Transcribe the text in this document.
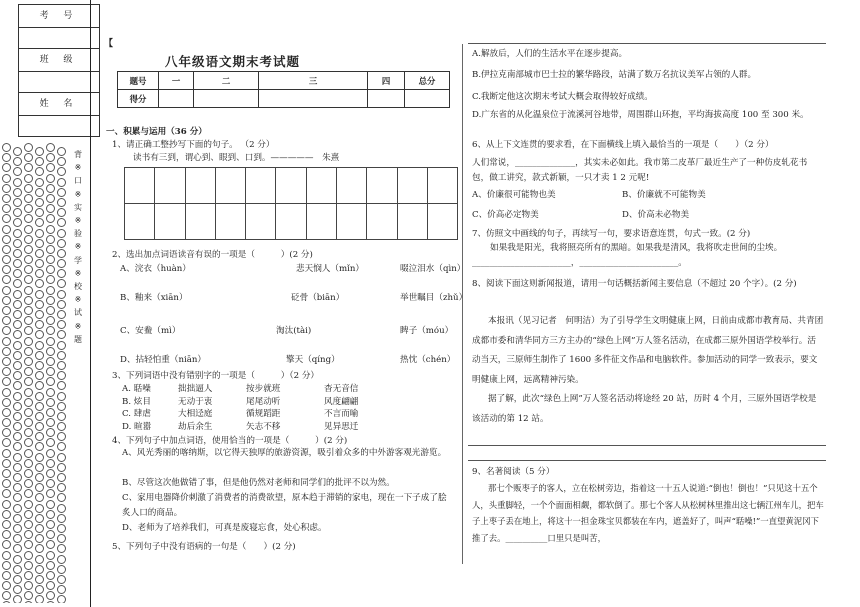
考 号
班 级
姓 名
背
※
口
※
实
※
验
※
学
※
校
※
试
※
题
【
八年级语文期末考试题
题号	一	二	三	四	总分
得分					
一、积累与运用（36 分）
1、请正确工整抄写下面的句子。 （2 分）
读书有三到，谓心到、眼到、口到。—————　朱熹

2、选出加点词语读音有误的一项是（　　　）(2 分)
A、浣衣（huàn）	悲天悯人（mǐn）	啜泣泪水（qìn）
B、釉来（xiān）	砭骨（biān）	举世瞩目（zhǔ）
C、安鲞（mì）	淘汰(tài)	睥子（móu）
D、拈轻怕重（niān）	擎天（qíng）	热忱（chén）
3、下列词语中没有错别字的一项是（　　　）（2 分）
A. 聒噪	拙拙逼人	按步就班	杳无音信
B. 炫目	无动于衷	尾尾动听	风度翩翩
C. 肆虐	大相迳庭	循规蹈距	不言而喻
D. 暄嚣	劫后余生	矢志不移	见异思迁
4、下列句子中加点词语，使用恰当的一项是（　　　）(2 分)
A、风光秀丽的喀纳斯，以它得天独厚的旅游资源，吸引着众多的中外游客观光游览。
B、尽管这次他做错了事，但是他仍然对老师和同学们的批评不以为然。
C、家用电器降价刺激了消费者的消费欲望，原本趋于滞销的家电，现在一下子成了脍炙人口的商品。
D、老师为了培养我们，可真是废寝忘食，处心积虑。
5、下列句子中没有语病的一句是（　　）(2 分)
A.解放后，人们的生活水平在逐步提高。
B.伊拉克南部城市巴士拉的繁华路段，站满了数万名抗议美军占领的人群。
C.我断定他这次期末考试大概会取得较好成绩。
D.广东省的从化温泉位于流溪河谷地带，周围群山环抱，平均海拔高度 100 至 300 米。
6、从上下文连贯的要求看，在下面横线上填入最恰当的一项是（　　）（2 分）
人们常说，______________，其实未必如此。我市第二皮革厂最近生产了一种仿皮轧花书包，做工讲究，款式新颖，一只才卖 1 2 元呢!
A、价廉很可能物也美	B、价廉就不可能物美
C、价高必定物美	D、价高未必物美
7、仿照文中画线的句子，再续写一句，要求语意连贯，句式一致。(2 分)
如果我是阳光，我将照亮所有的黑暗。如果我是清风，我将吹走世间的尘埃。_______________________，_______________________。
8、阅读下面这则新闻报道，请用一句话概括新闻主要信息（不超过 20 个字）。(2 分)
本报讯（见习记者　何明洁）为了引导学生文明健康上网，日前由成都市教育局、共青团成都市委和清华同方三方主办的“绿色上网”万人签名活动，在成都三原外国语学校举行。活动当天，三原师生制作了 1600 多件征文作品和电脑软件。参加活动的同学一致表示，要文明健康上网，远离精神污染。
据了解，此次“绿色上网”万人签名活动将途经 20 站，历时 4 个月，三原外国语学校是该活动的第 12 站。
9、名著阅读（5 分）
那七个贩枣子的客人，立在松树旁边，指着这一十五人说道:“倒也！倒也！”只见这十五个人，头重脚轻，一个个面面相觑，都软倒了。那七个客人从松树林里推出这七辆江州车儿，把车子上枣子丢在地上，将这十一担金珠宝贝都装在车内，遮盖好了，叫声“聒噪!”一直望黄泥冈下推了去。__________口里只是叫苦，
